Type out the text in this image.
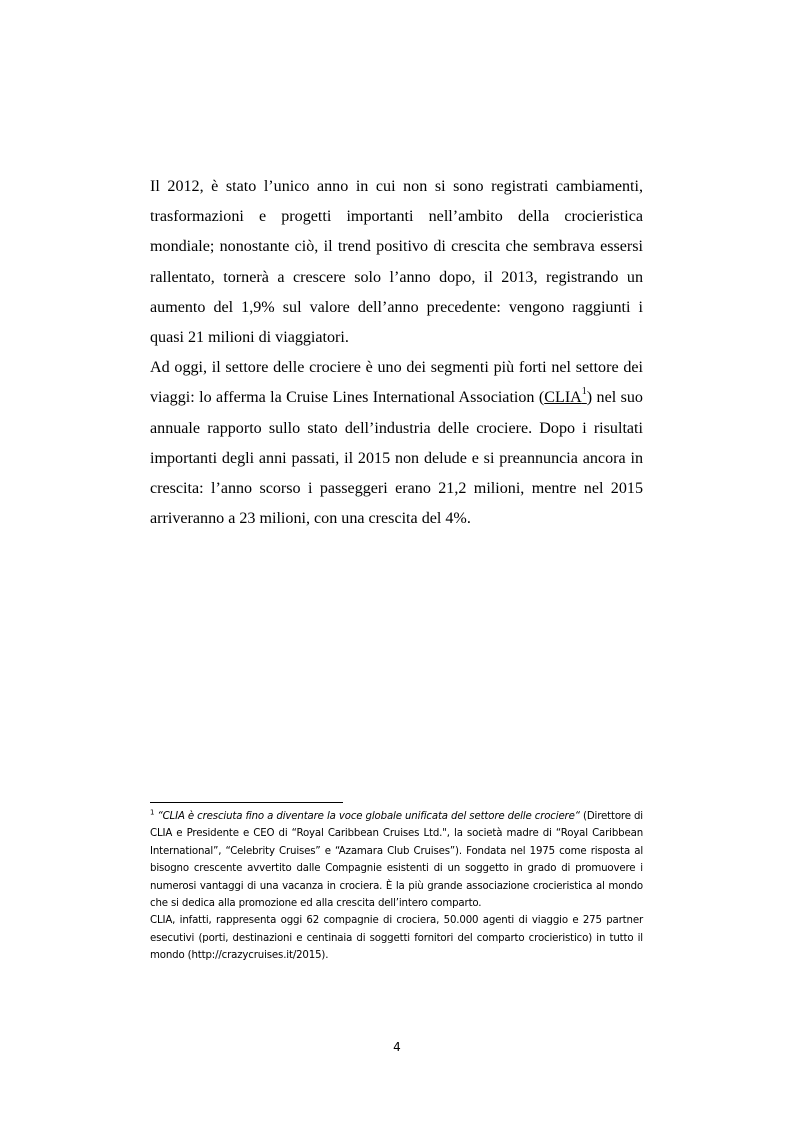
Il 2012, è stato l’unico anno in cui non si sono registrati cambiamenti, trasformazioni e progetti importanti nell’ambito della crocieristica mondiale; nonostante ciò, il trend positivo di crescita che sembrava essersi rallentato, tornerà a crescere solo l’anno dopo, il 2013, registrando un aumento del 1,9% sul valore dell’anno precedente: vengono raggiunti i quasi 21 milioni di viaggiatori.

Ad oggi, il settore delle crociere è uno dei segmenti più forti nel settore dei viaggi: lo afferma la Cruise Lines International Association (CLIA$^1$) nel suo annuale rapporto sullo stato dell’industria delle crociere. Dopo i risultati importanti degli anni passati, il 2015 non delude e si preannuncia ancora in crescita: l’anno scorso i passeggeri erano 21,2 milioni, mentre nel 2015 arriveranno a 23 milioni, con una crescita del 4%.

$^1$ “CLIA è cresciuta fino a diventare la voce globale unificata del settore delle crociere“ (Direttore di CLIA e Presidente e CEO di “Royal Caribbean Cruises Ltd.", la società madre di “Royal Caribbean International”, “Celebrity Cruises” e “Azamara Club Cruises”). Fondata nel 1975 come risposta al bisogno crescente avvertito dalle Compagnie esistenti di un soggetto in grado di promuovere i numerosi vantaggi di una vacanza in crociera. È la più grande associazione crocieristica al mondo che si dedica alla promozione ed alla crescita dell’intero comparto.

CLIA, infatti, rappresenta oggi 62 compagnie di crociera, 50.000 agenti di viaggio e 275 partner esecutivi (porti, destinazioni e centinaia di soggetti fornitori del comparto crocieristico) in tutto il mondo (http://crazycruises.it/2015).

4
